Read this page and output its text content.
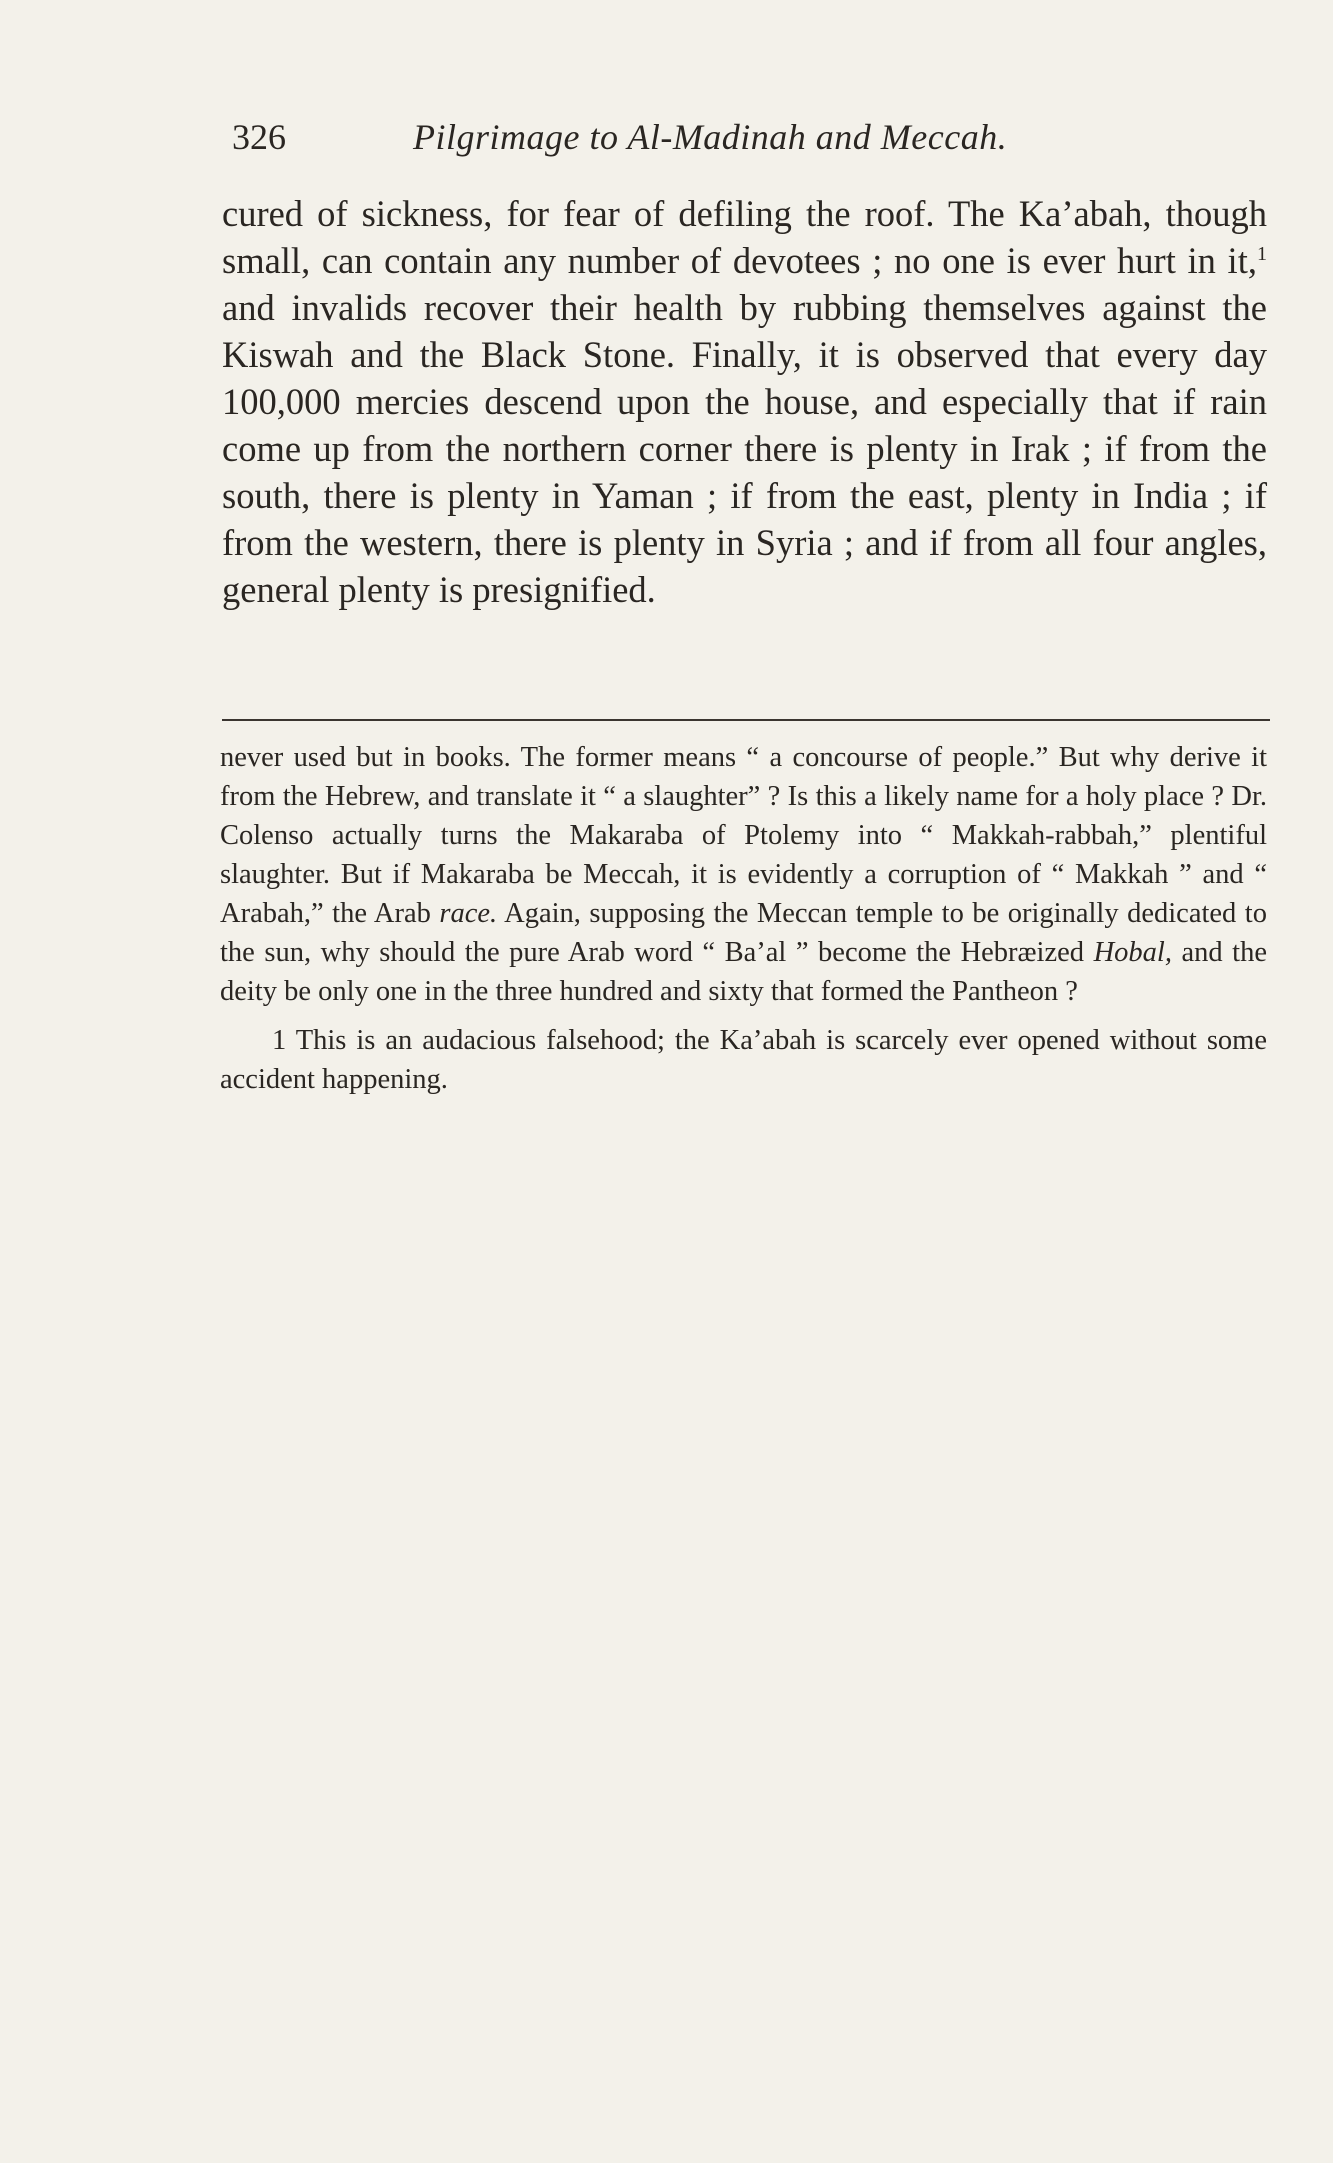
326	Pilgrimage to Al-Madinah and Meccah.

cured of sickness, for fear of defiling the roof. The Ka’abah, though small, can contain any number of devotees ; no one is ever hurt in it,$^1$ and invalids recover their health by rubbing themselves against the Kiswah and the Black Stone. Finally, it is observed that every day 100,000 mercies descend upon the house, and especially that if rain come up from the northern corner there is plenty in Irak ; if from the south, there is plenty in Yaman ; if from the east, plenty in India ; if from the western, there is plenty in Syria ; and if from all four angles, general plenty is presignified.

never used but in books. The former means “ a concourse of people.” But why derive it from the Hebrew, and translate it “ a slaughter” ? Is this a likely name for a holy place ? Dr. Colenso actually turns the Makaraba of Ptolemy into “ Makkah-rabbah,” plentiful slaughter. But if Makaraba be Meccah, it is evidently a corruption of “ Makkah ” and “ Arabah,” the Arab race. Again, supposing the Meccan temple to be originally dedicated to the sun, why should the pure Arab word “ Ba’al ” become the Hebræized Hobal, and the deity be only one in the three hundred and sixty that formed the Pantheon ?

1 This is an audacious falsehood; the Ka’abah is scarcely ever opened without some accident happening.
